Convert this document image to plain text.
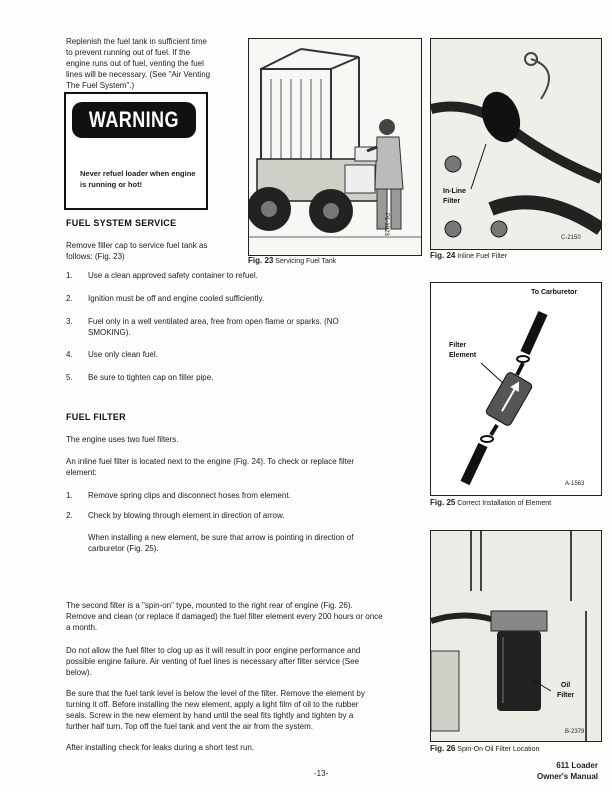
Replenish the fuel tank in sufficient time
to prevent running out of fuel. If the
engine runs out of fuel, venting the fuel
lines will be necessary. (See "Air Venting
The Fuel System".)
WARNING
Never refuel loader when engine
is running or hot!
FUEL SYSTEM SERVICE
Remove filler cap to service fuel tank as
follows: (Fig. 23)
1. Use a clean approved safety container to refuel.
2. Ignition must be off and engine cooled sufficiently.
3. Fuel only in a well ventilated area, free from open flame or sparks. (NO
SMOKING).
4. Use only clean fuel.
5. Be sure to tighten cap on filler pipe.
FUEL FILTER
The engine uses two fuel filters.
An inline fuel filter is located next to the engine (Fig. 24). To check or replace filter
element:
1. Remove spring clips and disconnect hoses from element.
2. Check by blowing through element in direction of arrow.
When installing a new element, be sure that arrow is pointing in direction of
carburetor (Fig. 25).
The second filter is a "spin-on" type, mounted to the right rear of engine (Fig. 26).
Remove and clean (or replace if damaged) the fuel filter element every 200 hours or once
a month.
Do not allow the fuel filter to clog up as it will result in poor engine performance and
possible engine failure. Air venting of fuel lines is necessary after filter service (See
below).
Be sure that the fuel tank level is below the level of the filter. Remove the element by
turning it off. Before installing the new element, apply a light film of oil to the rubber
seals. Screw in the new element by hand until the seal fits tightly and tighten by a
further half turn. Top off the fuel tank and vent the air from the system.
After installing check for leaks during a short test run.
P1-1023
Fig. 23 Servicing Fuel Tank
In-Line
Filter
C-2150
Fig. 24 Inline Fuel Filter
To Carburetor
Filter
Element
A-1563
Fig. 25 Correct Installation of Element
Oil
Filter
B-2379
Fig. 26 Spin-On Oil Filter Location
-13-
611 Loader
Owner's Manual
